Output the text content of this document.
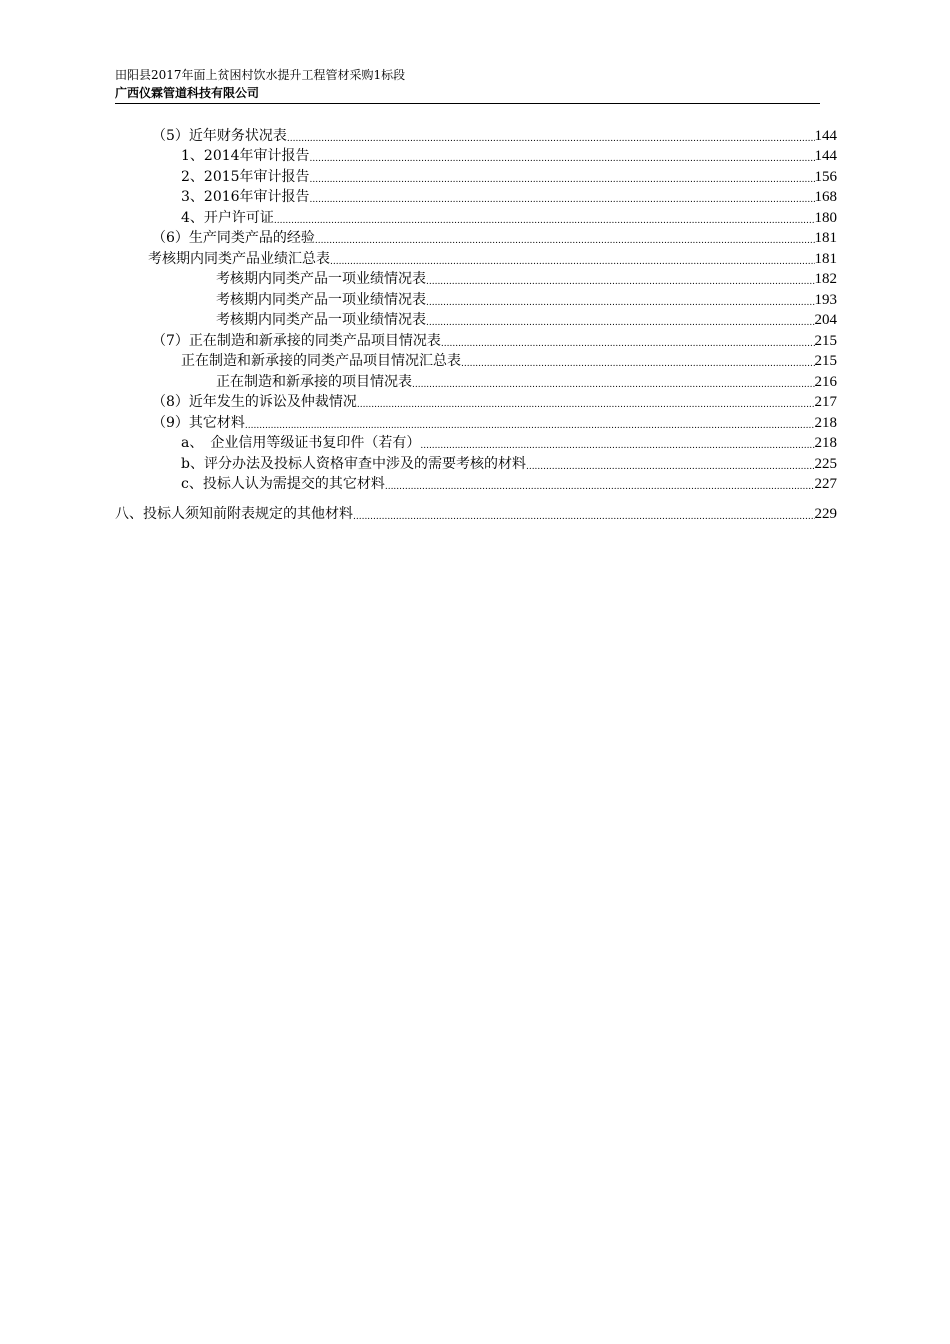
田阳县2017年面上贫困村饮水提升工程管材采购1标段
广西仪霖管道科技有限公司
（5）近年财务状况表 .....	144
1、2014年审计报告 .....	144
2、2015年审计报告 .....	156
3、2016年审计报告 .....	168
4、开户许可证 .....	180
（6）生产同类产品的经验 .....	181
考核期内同类产品业绩汇总表 .....	181
考核期内同类产品一项业绩情况表 .....	182
考核期内同类产品一项业绩情况表 .....	193
考核期内同类产品一项业绩情况表 .....	204
（7）正在制造和新承接的同类产品项目情况表 .....	215
正在制造和新承接的同类产品项目情况汇总表 .....	215
正在制造和新承接的项目情况表 .....	216
（8）近年发生的诉讼及仲裁情况 .....	217
（9）其它材料 .....	218
a、　企业信用等级证书复印件（若有） .....	218
b、评分办法及投标人资格审查中涉及的需要考核的材料 .....	225
c、投标人认为需提交的其它材料 .....	227
八、投标人须知前附表规定的其他材料 .....	229
